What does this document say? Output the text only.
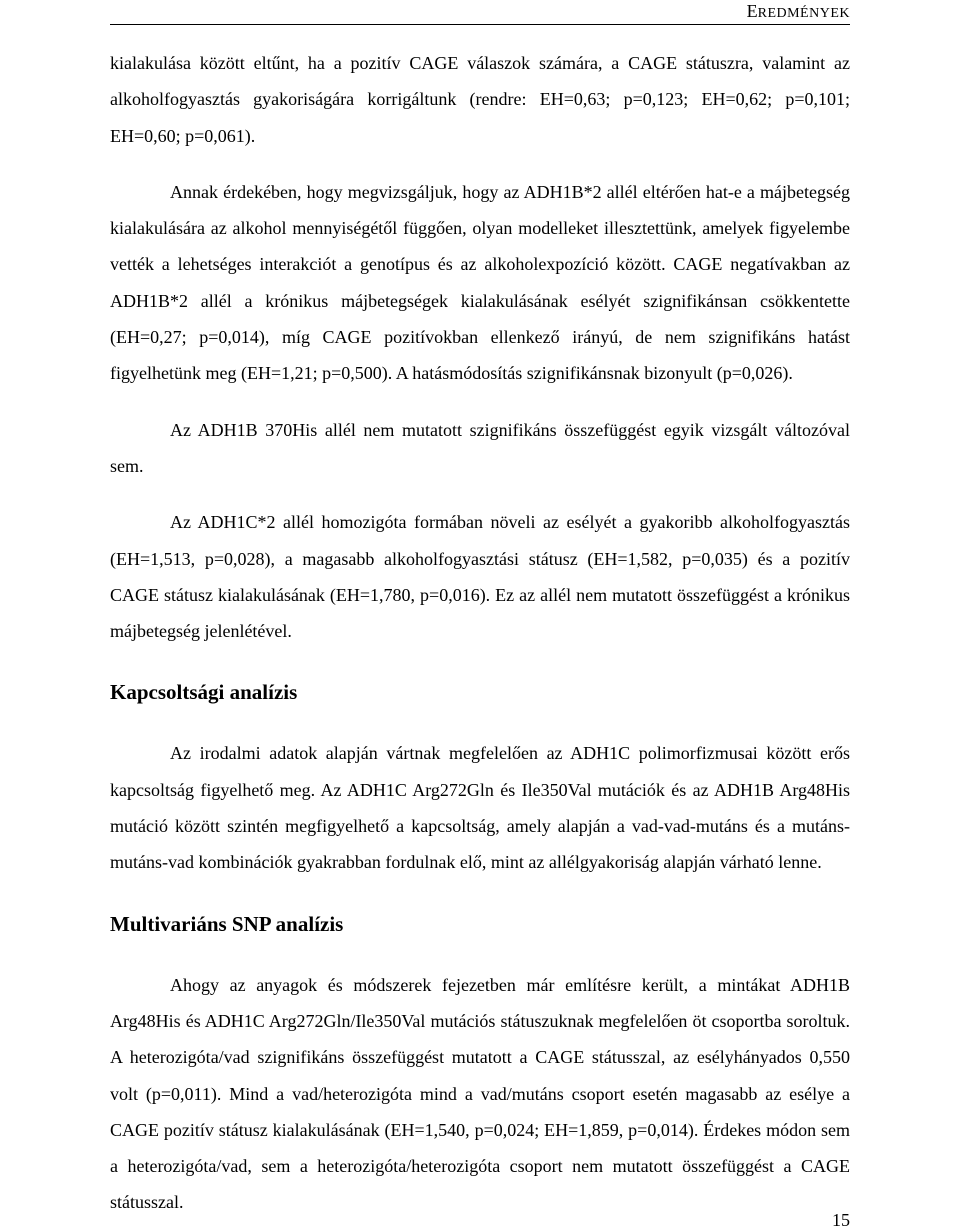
EREDMÉNYEK

kialakulása között eltűnt, ha a pozitív CAGE válaszok számára, a CAGE státuszra, valamint az alkoholfogyasztás gyakoriságára korrigáltunk (rendre: EH=0,63; p=0,123; EH=0,62; p=0,101; EH=0,60; p=0,061).

Annak érdekében, hogy megvizsgáljuk, hogy az ADH1B*2 allél eltérően hat-e a májbetegség kialakulására az alkohol mennyiségétől függően, olyan modelleket illesztettünk, amelyek figyelembe vették a lehetséges interakciót a genotípus és az alkoholexpozíció között. CAGE negatívakban az ADH1B*2 allél a krónikus májbetegségek kialakulásának esélyét szignifikánsan csökkentette (EH=0,27; p=0,014), míg CAGE pozitívokban ellenkező irányú, de nem szignifikáns hatást figyelhetünk meg (EH=1,21; p=0,500). A hatásmódosítás szignifikánsnak bizonyult (p=0,026).

Az ADH1B 370His allél nem mutatott szignifikáns összefüggést egyik vizsgált változóval sem.

Az ADH1C*2 allél homozigóta formában növeli az esélyét a gyakoribb alkoholfogyasztás (EH=1,513, p=0,028), a magasabb alkoholfogyasztási státusz (EH=1,582, p=0,035) és a pozitív CAGE státusz kialakulásának (EH=1,780, p=0,016). Ez az allél nem mutatott összefüggést a krónikus májbetegség jelenlétével.

Kapcsoltsági analízis

Az irodalmi adatok alapján vártnak megfelelően az ADH1C polimorfizmusai között erős kapcsoltság figyelhető meg. Az ADH1C Arg272Gln és Ile350Val mutációk és az ADH1B Arg48His mutáció között szintén megfigyelhető a kapcsoltság, amely alapján a vad-vad-mutáns és a mutáns-mutáns-vad kombinációk gyakrabban fordulnak elő, mint az allélgyakoriság alapján várható lenne.

Multivariáns SNP analízis

Ahogy az anyagok és módszerek fejezetben már említésre került, a mintákat ADH1B Arg48His és ADH1C Arg272Gln/Ile350Val mutációs státuszuknak megfelelően öt csoportba soroltuk. A heterozigóta/vad szignifikáns összefüggést mutatott a CAGE státusszal, az esélyhányados 0,550 volt (p=0,011). Mind a vad/heterozigóta mind a vad/mutáns csoport esetén magasabb az esélye a CAGE pozitív státusz kialakulásának (EH=1,540, p=0,024; EH=1,859, p=0,014). Érdekes módon sem a heterozigóta/vad, sem a heterozigóta/heterozigóta csoport nem mutatott összefüggést a CAGE státusszal.

15
